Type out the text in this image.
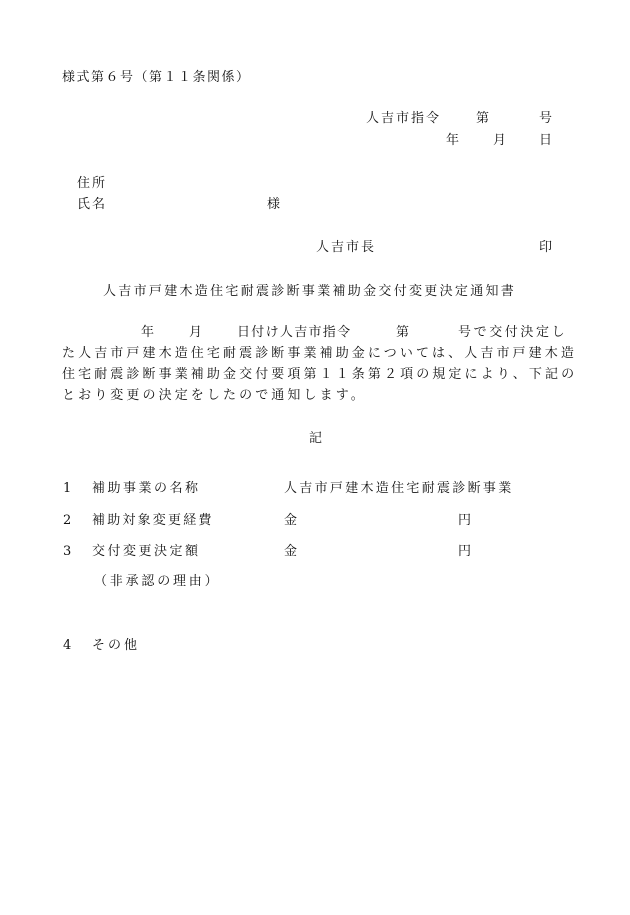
様式第６号（第１１条関係）
人吉市指令	第	号
年 月 日
住所
氏名	様
人吉市長	印
人吉市戸建木造住宅耐震診断事業補助金交付変更決定通知書
年	月	日付け人吉市指令	第	号で交付決定し
た人吉市戸建木造住宅耐震診断事業補助金については、人吉市戸建木造
住宅耐震診断事業補助金交付要項第１１条第２項の規定により、下記の
とおり変更の決定をしたので通知します。
記
1 補助事業の名称	人吉市戸建木造住宅耐震診断事業
2 補助対象変更経費	金	円
3 交付変更決定額	金	円
（非承認の理由）
4 その他
